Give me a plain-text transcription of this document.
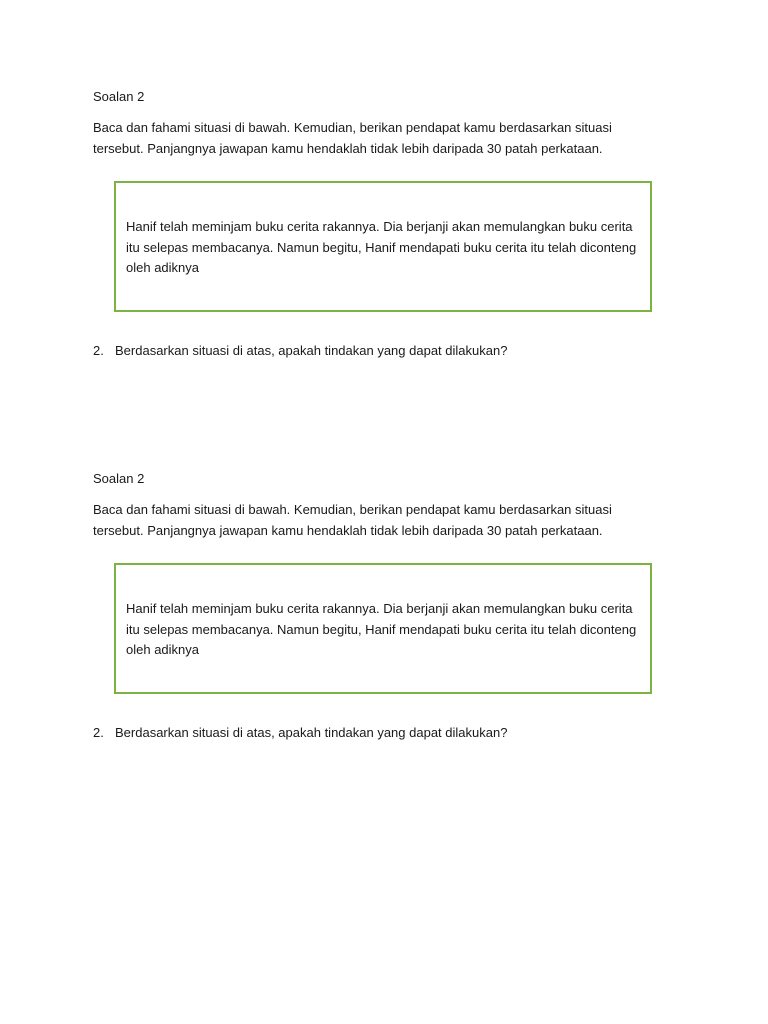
Soalan 2

Baca dan fahami situasi di bawah. Kemudian, berikan pendapat kamu berdasarkan situasi tersebut. Panjangnya jawapan kamu hendaklah tidak lebih daripada 30 patah perkataan.

Hanif telah meminjam buku cerita rakannya. Dia berjanji akan memulangkan buku cerita itu selepas membacanya. Namun begitu, Hanif mendapati buku cerita itu telah diconteng oleh adiknya

2. Berdasarkan situasi di atas, apakah tindakan yang dapat dilakukan?

Soalan 2

Baca dan fahami situasi di bawah. Kemudian, berikan pendapat kamu berdasarkan situasi tersebut. Panjangnya jawapan kamu hendaklah tidak lebih daripada 30 patah perkataan.

Hanif telah meminjam buku cerita rakannya. Dia berjanji akan memulangkan buku cerita itu selepas membacanya. Namun begitu, Hanif mendapati buku cerita itu telah diconteng oleh adiknya

2. Berdasarkan situasi di atas, apakah tindakan yang dapat dilakukan?
